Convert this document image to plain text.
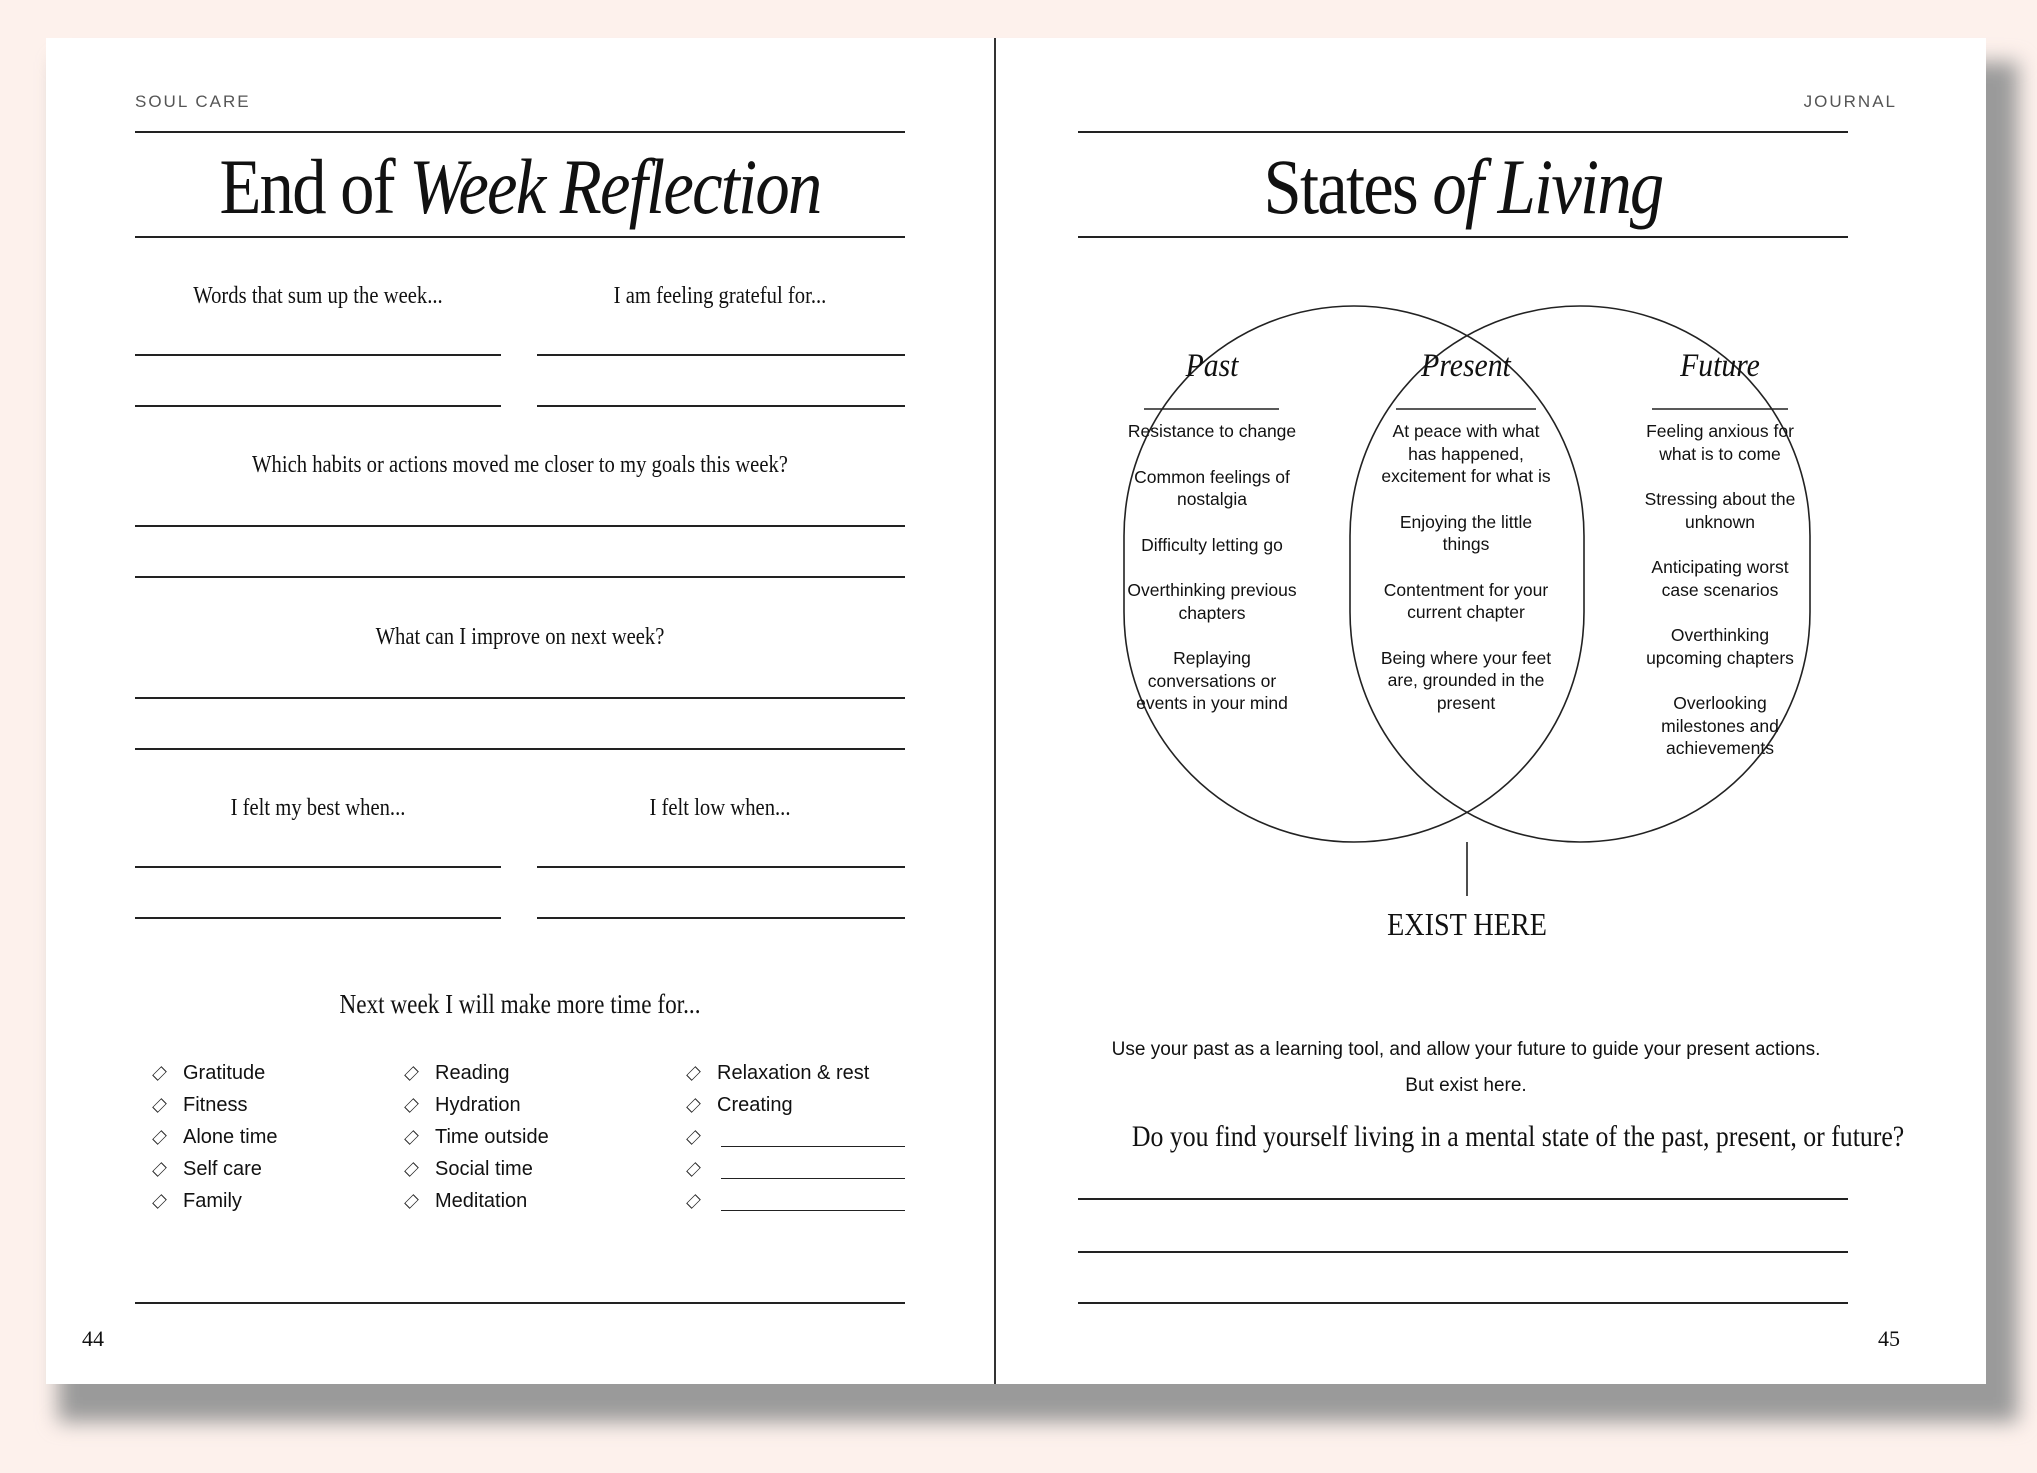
SOUL CARE
End of Week Reflection
Words that sum up the week...	I am feeling grateful for...
Which habits or actions moved me closer to my goals this week?
What can I improve on next week?
I felt my best when...	I felt low when...
Next week I will make more time for...
Gratitude
Fitness
Alone time
Self care
Family
Reading
Hydration
Time outside
Social time
Meditation
Relaxation & rest
Creating
44
JOURNAL
States of Living
Past

Resistance to change

Common feelings of nostalgia

Difficulty letting go

Overthinking previous chapters

Replaying conversations or events in your mind

Present

At peace with what has happened, excitement for what is

Enjoying the little things

Contentment for your current chapter

Being where your feet are, grounded in the present

Future

Feeling anxious for what is to come

Stressing about the unknown

Anticipating worst case scenarios

Overthinking upcoming chapters

Overlooking milestones and achievements

EXIST HERE
Use your past as a learning tool, and allow your future to guide your present actions.
But exist here.
Do you find yourself living in a mental state of the past, present, or future?
45
